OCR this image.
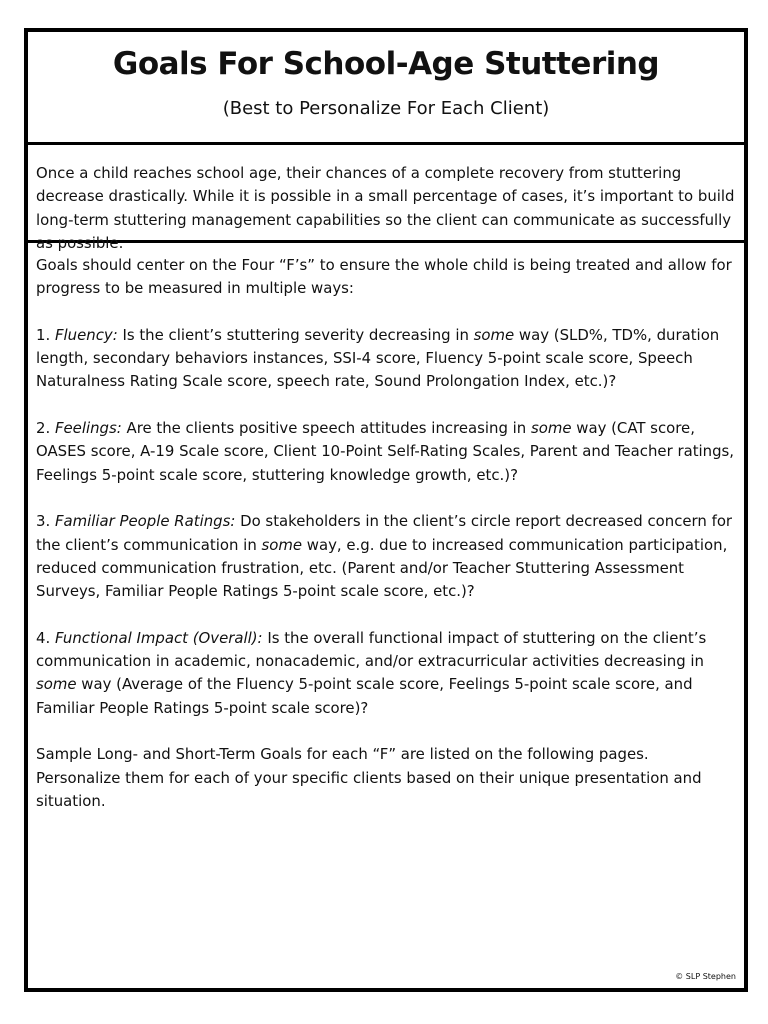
Goals For School-Age Stuttering
(Best to Personalize For Each Client)
Once a child reaches school age, their chances of a complete recovery from stuttering decrease drastically. While it is possible in a small percentage of cases, it’s important to build long-term stuttering management capabilities so the client can communicate as successfully as possible.

Goals should center on the Four “F’s” to ensure the whole child is being treated and allow for progress to be measured in multiple ways:

1. Fluency: Is the client’s stuttering severity decreasing in some way (SLD%, TD%, duration length, secondary behaviors instances, SSI-4 score, Fluency 5-point scale score, Speech Naturalness Rating Scale score, speech rate, Sound Prolongation Index, etc.)?

2. Feelings: Are the clients positive speech attitudes increasing in some way (CAT score, OASES score, A-19 Scale score, Client 10-Point Self-Rating Scales, Parent and Teacher ratings, Feelings 5-point scale score, stuttering knowledge growth, etc.)?

3. Familiar People Ratings: Do stakeholders in the client’s circle report decreased concern for the client’s communication in some way, e.g. due to increased communication participation, reduced communication frustration, etc. (Parent and/or Teacher Stuttering Assessment Surveys, Familiar People Ratings 5-point scale score, etc.)?

4. Functional Impact (Overall): Is the overall functional impact of stuttering on the client’s communication in academic, nonacademic, and/or extracurricular activities decreasing in some way (Average of the Fluency 5-point scale score, Feelings 5-point scale score, and Familiar People Ratings 5-point scale score)?

Sample Long- and Short-Term Goals for each “F” are listed on the following pages. Personalize them for each of your specific clients based on their unique presentation and situation.

© SLP Stephen
